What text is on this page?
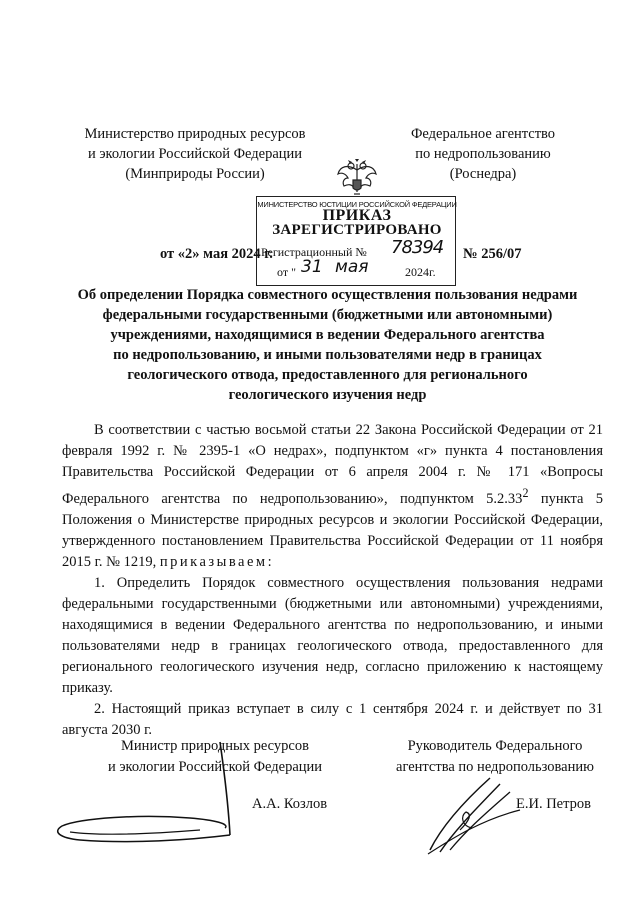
Министерство природных ресурсов
и экологии Российской Федерации
(Минприроды России)
Федеральное агентство
по недропользованию
(Роснедра)
МИНИСТЕРСТВО ЮСТИЦИИ РОССИЙСКОЙ ФЕДЕРАЦИИ
ПРИКАЗ
ЗАРЕГИСТРИРОВАНО
Регистрационный № 78394
от " 31 мая	2024г.
от «2» мая 2024 г.	№ 256/07
Об определении Порядка совместного осуществления пользования недрами
федеральными государственными (бюджетными или автономными)
учреждениями, находящимися в ведении Федерального агентства
по недропользованию, и иными пользователями недр в границах
геологического отвода, предоставленного для регионального
геологического изучения недр

В соответствии с частью восьмой статьи 22 Закона Российской Федерации от 21 февраля 1992 г. № 2395-1 «О недрах», подпунктом «г» пункта 4 постановления Правительства Российской Федерации от 6 апреля 2004 г. № 171 «Вопросы Федерального агентства по недропользованию», подпунктом 5.2.33$^2$ пункта 5 Положения о Министерстве природных ресурсов и экологии Российской Федерации, утвержденного постановлением Правительства Российской Федерации от 11 ноября 2015 г. № 1219, приказываем:

1. Определить Порядок совместного осуществления пользования недрами федеральными государственными (бюджетными или автономными) учреждениями, находящимися в ведении Федерального агентства по недропользованию, и иными пользователями недр в границах геологического отвода, предоставленного для регионального геологического изучения недр, согласно приложению к настоящему приказу.

2. Настоящий приказ вступает в силу с 1 сентября 2024 г. и действует по 31 августа 2030 г.

Министр природных ресурсов
и экологии Российской Федерации
А.А. Козлов
Руководитель Федерального
агентства по недропользованию
Е.И. Петров
